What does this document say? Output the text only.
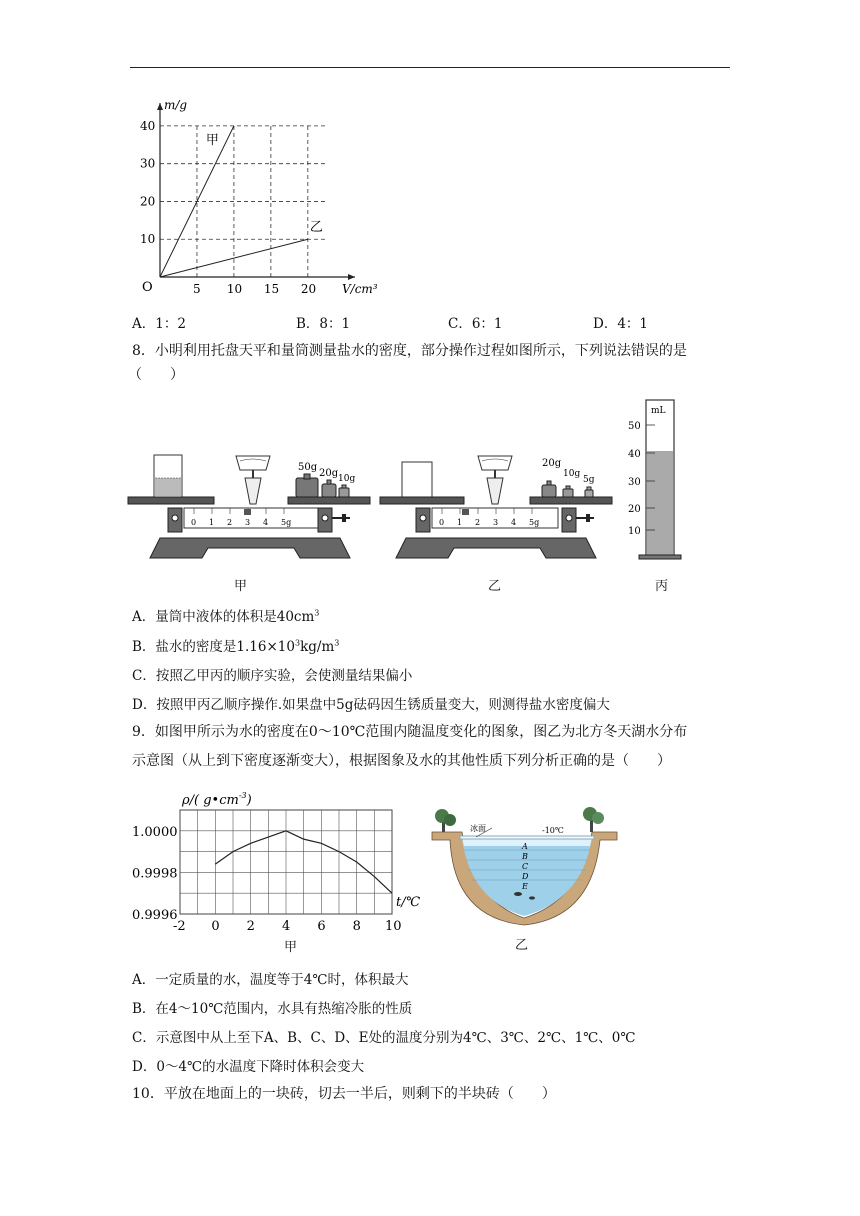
5 10 15 20
10
20
30
40
甲
乙
O	V/cm³
m/g
A．1：2	B．8：1	C．6：1	D．4：1
8．小明利用托盘天平和量筒测量盐水的密度，部分操作过程如图所示，下列说法错误的是
（　　）
50g
20g 10g
0 1 2 3 4 5g
20g
10g
5g
0 1 2 3 4 5g
mL
50
40
30
20
10
甲	乙	丙
A．量筒中液体的体积是$40cm^3$
B．盐水的密度是$1.16\times 10^3kg/m^3$
C．按照乙甲丙的顺序实验，会使测量结果偏小
D．按照甲丙乙顺序操作.如果盘中5g砝码因生锈质量变大，则测得盐水密度偏大
9．如图甲所示为水的密度在0～10℃范围内随温度变化的图象，图乙为北方冬天湖水分布
示意图（从上到下密度逐渐变大），根据图象及水的其他性质下列分析正确的是（　　）
ρ/( $g•cm^{-3}$)
-2 0 2 4 6 8 10
1.0000
0.9998
0.9996
t/℃
甲
冰面	-10℃
A
B
C
D
E
乙
A．一定质量的水，温度等于4℃时，体积最大
B．在4～10℃范围内，水具有热缩冷胀的性质
C．示意图中从上至下A、B、C、D、E处的温度分别为4℃、3℃、2℃、1℃、0℃
D．0～4℃的水温度下降时体积会变大
10．平放在地面上的一块砖，切去一半后，则剩下的半块砖（　　）
